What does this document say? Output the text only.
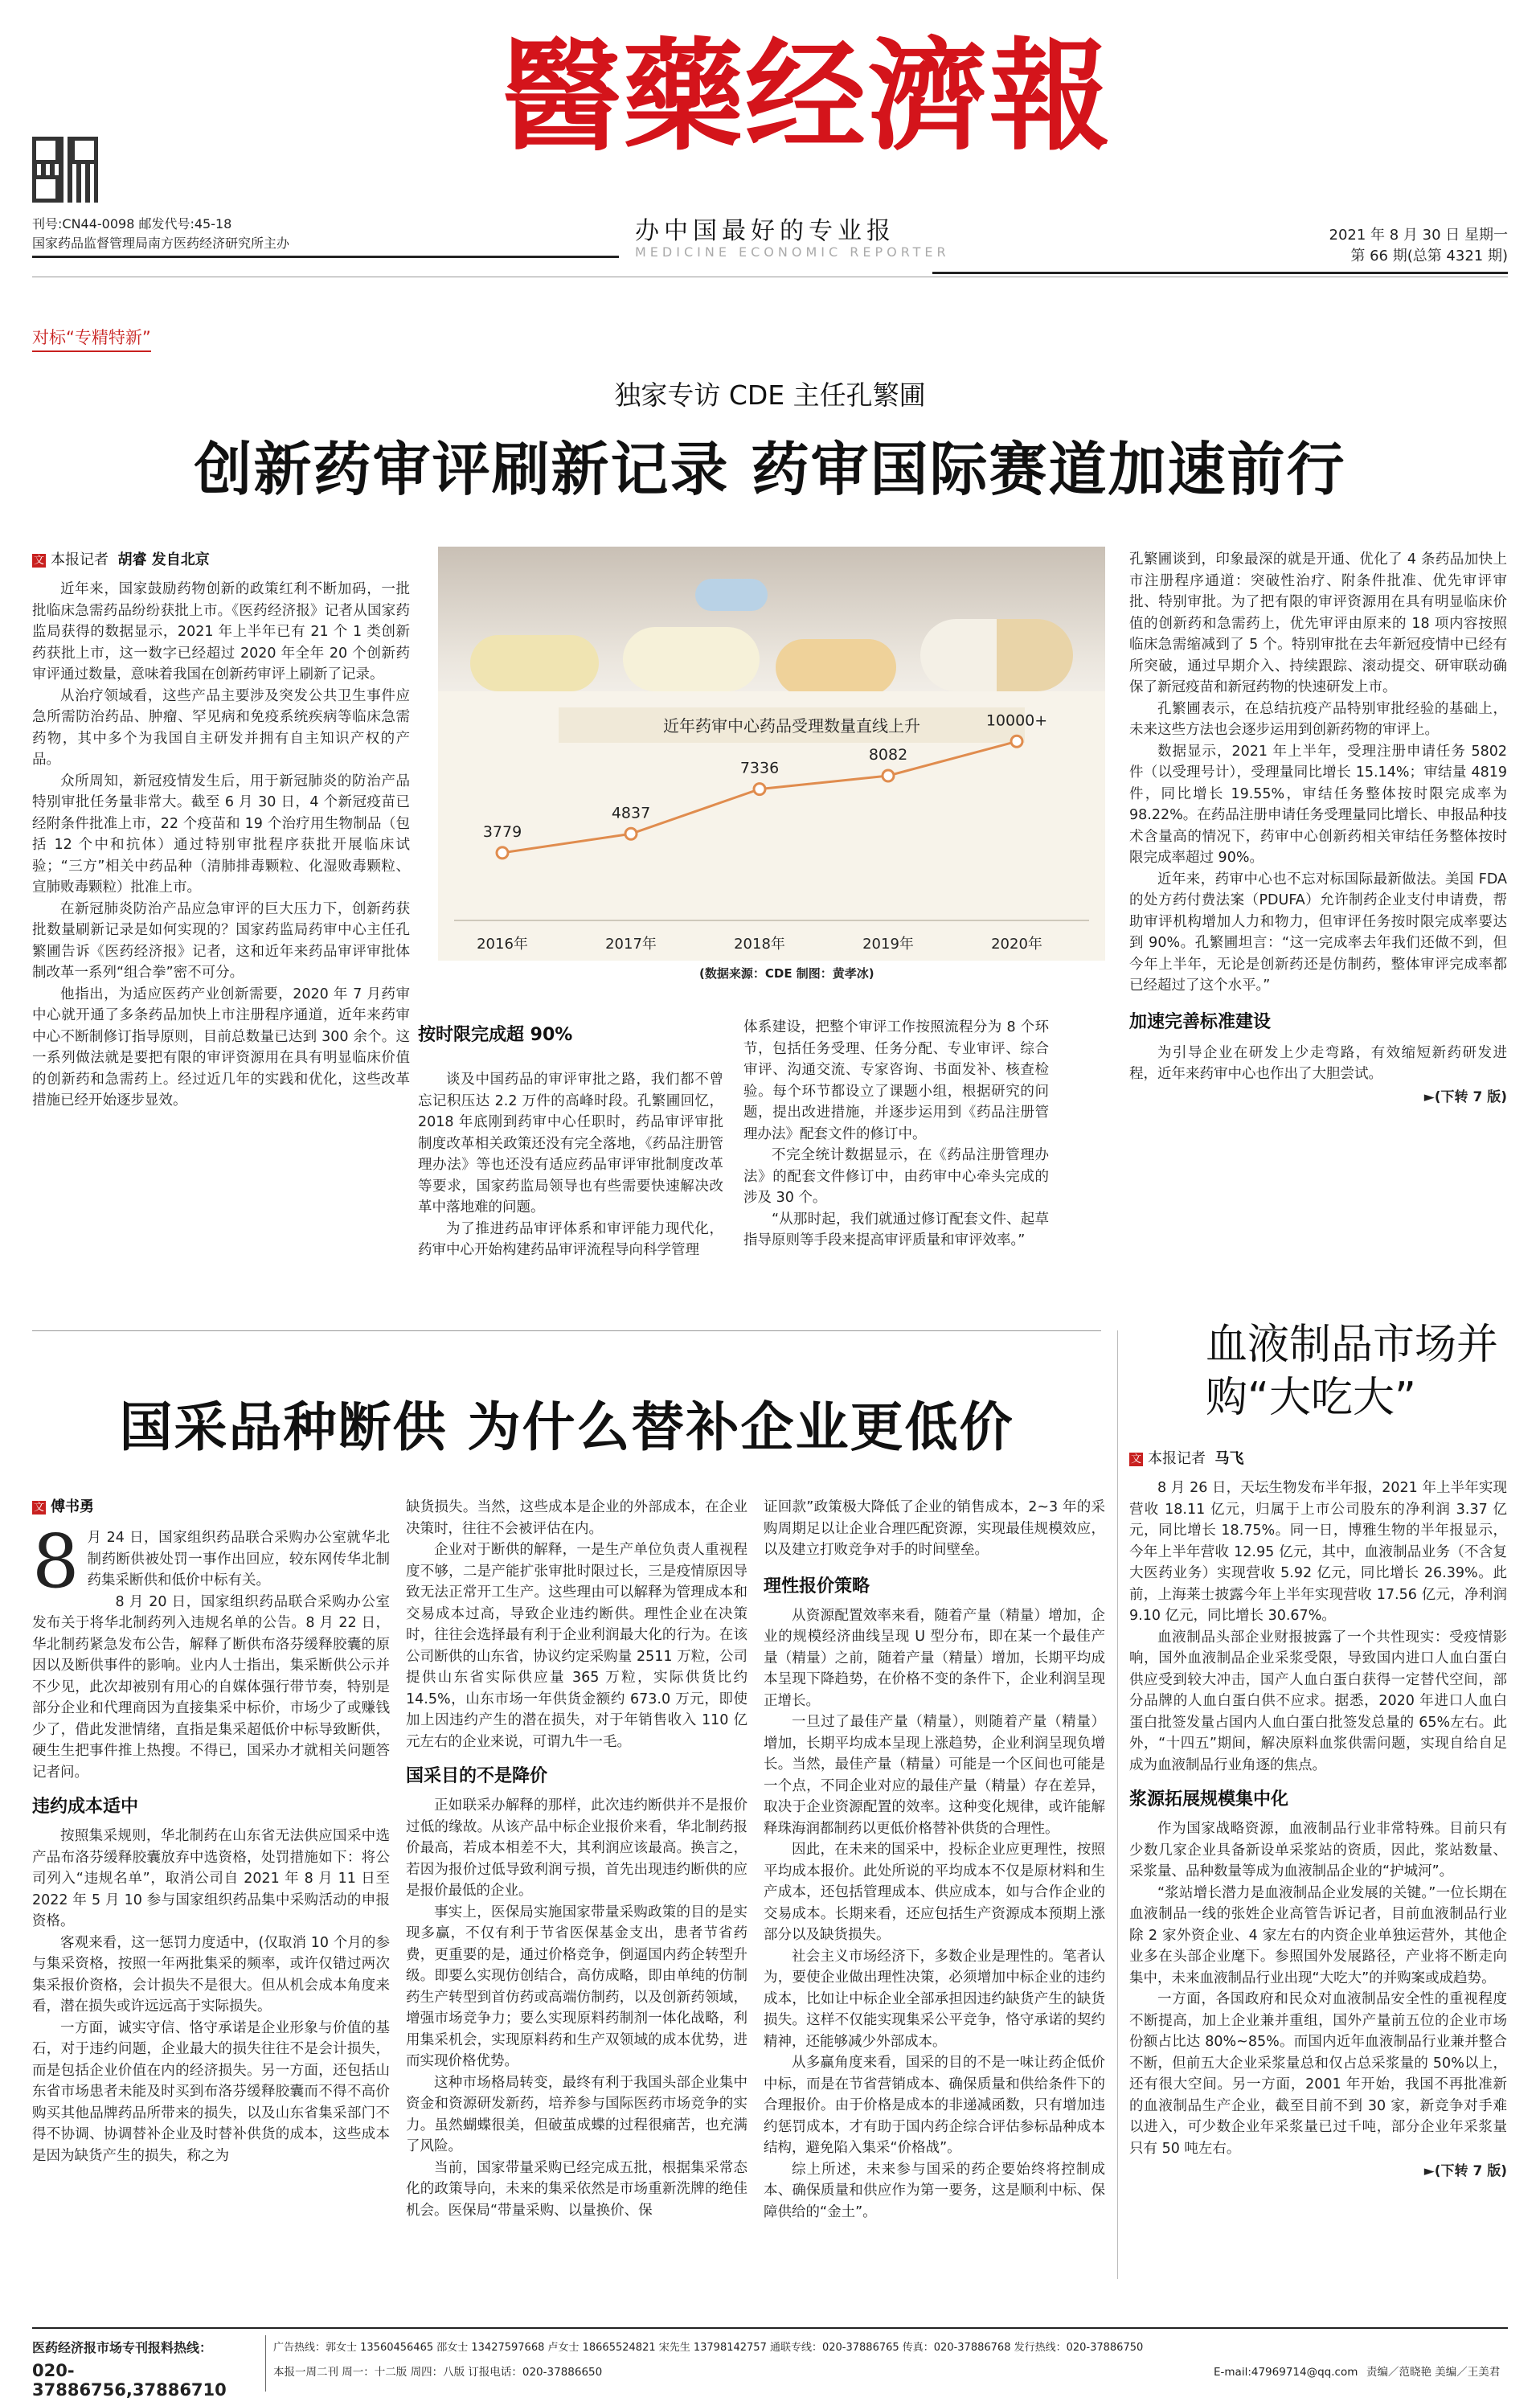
醫藥经濟報
刊号:CN44-0098 邮发代号:45-18
国家药品监督管理局南方医药经济研究所主办	办中国最好的专业报
MEDICINE ECONOMIC REPORTER
2021 年 8 月 30 日 星期一
第 66 期(总第 4321 期)
对标“专精特新”
独家专访 CDE 主任孔繁圃
创新药审评刷新记录 药审国际赛道加速前行
文 本报记者 胡睿 发自北京

近年来，国家鼓励药物创新的政策红利不断加码，一批批临床急需药品纷纷获批上市。《医药经济报》记者从国家药监局获得的数据显示，2021 年上半年已有 21 个 1 类创新药获批上市，这一数字已经超过 2020 年全年 20 个创新药审评通过数量，意味着我国在创新药审评上刷新了记录。

从治疗领域看，这些产品主要涉及突发公共卫生事件应急所需防治药品、肿瘤、罕见病和免疫系统疾病等临床急需药物，其中多个为我国自主研发并拥有自主知识产权的产品。

众所周知，新冠疫情发生后，用于新冠肺炎的防治产品特别审批任务量非常大。截至 6 月 30 日，4 个新冠疫苗已经附条件批准上市，22 个疫苗和 19 个治疗用生物制品（包括 12 个中和抗体）通过特别审批程序获批开展临床试验；“三方”相关中药品种（清肺排毒颗粒、化湿败毒颗粒、宣肺败毒颗粒）批准上市。

在新冠肺炎防治产品应急审评的巨大压力下，创新药获批数量刷新记录是如何实现的？国家药监局药审中心主任孔繁圃告诉《医药经济报》记者，这和近年来药品审评审批体制改革一系列“组合拳”密不可分。

他指出，为适应医药产业创新需要，2020 年 7 月药审中心就开通了多条药品加快上市注册程序通道，近年来药审中心不断制修订指导原则，目前总数量已达到 300 余个。这一系列做法就是要把有限的审评资源用在具有明显临床价值的创新药和急需药上。经过近几年的实践和优化，这些改革措施已经开始逐步显效。

近年药审中心药品受理数量直线上升
3779
4837
7336
8082
10000+
2016年	2017年	2018年	2019年	2020年
(数据来源：CDE 制图：黄孝冰)
按时限完成超 90%

谈及中国药品的审评审批之路，我们都不曾忘记积压达 2.2 万件的高峰时段。孔繁圃回忆，2018 年底刚到药审中心任职时，药品审评审批制度改革相关政策还没有完全落地，《药品注册管理办法》等也还没有适应药品审评审批制度改革等要求，国家药监局领导也有些需要快速解决改革中落地难的问题。

为了推进药品审评体系和审评能力现代化，药审中心开始构建药品审评流程导向科学管理

体系建设，把整个审评工作按照流程分为 8 个环节，包括任务受理、任务分配、专业审评、综合审评、沟通交流、专家咨询、书面发补、核查检验。每个环节都设立了课题小组，根据研究的问题，提出改进措施，并逐步运用到《药品注册管理办法》配套文件的修订中。

不完全统计数据显示，在《药品注册管理办法》的配套文件修订中，由药审中心牵头完成的涉及 30 个。

“从那时起，我们就通过修订配套文件、起草指导原则等手段来提高审评质量和审评效率。”

孔繁圃谈到，印象最深的就是开通、优化了 4 条药品加快上市注册程序通道：突破性治疗、附条件批准、优先审评审批、特别审批。为了把有限的审评资源用在具有明显临床价值的创新药和急需药上，优先审评由原来的 18 项内容按照临床急需缩减到了 5 个。特别审批在去年新冠疫情中已经有所突破，通过早期介入、持续跟踪、滚动提交、研审联动确保了新冠疫苗和新冠药物的快速研发上市。

孔繁圃表示，在总结抗疫产品特别审批经验的基础上，未来这些方法也会逐步运用到创新药物的审评上。

数据显示，2021 年上半年，受理注册申请任务 5802 件（以受理号计），受理量同比增长 15.14%；审结量 4819 件，同比增长 19.55%，审结任务整体按时限完成率为 98.22%。在药品注册申请任务受理量同比增长、申报品种技术含量高的情况下，药审中心创新药相关审结任务整体按时限完成率超过 90%。

近年来，药审中心也不忘对标国际最新做法。美国 FDA 的处方药付费法案（PDUFA）允许制药企业支付申请费，帮助审评机构增加人力和物力，但审评任务按时限完成率要达到 90%。孔繁圃坦言：“这一完成率去年我们还做不到，但今年上半年，无论是创新药还是仿制药，整体审评完成率都已经超过了这个水平。”

加速完善标准建设

为引导企业在研发上少走弯路，有效缩短新药研发进程，近年来药审中心也作出了大胆尝试。

►(下转 7 版)
国采品种断供 为什么替补企业更低价
文 傅书勇
8 月 24 日，国家组织药品联合采购办公室就华北制药断供被处罚一事作出回应，较东网传华北制药集采断供和低价中标有关。

8 月 20 日，国家组织药品联合采购办公室发布关于将华北制药列入违规名单的公告。8 月 22 日，华北制药紧急发布公告，解释了断供布洛芬缓释胶囊的原因以及断供事件的影响。业内人士指出，集采断供公示并不少见，此次却被别有用心的自媒体强行带节奏，特别是部分企业和代理商因为直接集采中标价，市场少了或赚钱少了，借此发泄情绪，直指是集采超低价中标导致断供，硬生生把事件推上热搜。不得已，国采办才就相关问题答记者问。

违约成本适中

按照集采规则，华北制药在山东省无法供应国采中选产品布洛芬缓释胶囊放弃中选资格，处罚措施如下：将公司列入“违规名单”，取消公司自 2021 年 8 月 11 日至 2022 年 5 月 10 参与国家组织药品集中采购活动的申报资格。

客观来看，这一惩罚力度适中，(仅取消 10 个月的参与集采资格，按照一年两批集采的频率，或许仅错过两次集采报价资格，会计损失不是很大。但从机会成本角度来看，潜在损失或许远远高于实际损失。

一方面，诚实守信、恪守承诺是企业形象与价值的基石，对于违约问题，企业最大的损失往往不是会计损失，而是包括企业价值在内的经济损失。另一方面，还包括山东省市场患者未能及时买到布洛芬缓释胶囊而不得不高价购买其他品牌药品所带来的损失，以及山东省集采部门不得不协调、协调替补企业及时替补供货的成本，这些成本是因为缺货产生的损失，称之为

缺货损失。当然，这些成本是企业的外部成本，在企业决策时，往往不会被评估在内。

企业对于断供的解释，一是生产单位负责人重视程度不够，二是产能扩张审批时限过长，三是疫情原因导致无法正常开工生产。这些理由可以解释为管理成本和交易成本过高，导致企业违约断供。理性企业在决策时，往往会选择最有利于企业利润最大化的行为。在该公司断供的山东省，协议约定采购量 2511 万粒，公司提供山东省实际供应量 365 万粒，实际供货比约 14.5%，山东市场一年供货金额约 673.0 万元，即使加上因违约产生的潜在损失，对于年销售收入 110 亿元左右的企业来说，可谓九牛一毛。

国采目的不是降价

正如联采办解释的那样，此次违约断供并不是报价过低的缘故。从该产品中标企业报价来看，华北制药报价最高，若成本相差不大，其利润应该最高。换言之，若因为报价过低导致利润亏损，首先出现违约断供的应是报价最低的企业。

事实上，医保局实施国家带量采购政策的目的是实现多赢，不仅有利于节省医保基金支出，患者节省药费，更重要的是，通过价格竞争，倒逼国内药企转型升级。即要么实现仿创结合，高仿成略，即由单纯的仿制药生产转型到首仿药或高端仿制药，以及创新药领域，增强市场竞争力；要么实现原料药制剂一体化战略，利用集采机会，实现原料药和生产双领域的成本优势，进而实现价格优势。

这种市场格局转变，最终有利于我国头部企业集中资金和资源研发新药，培养参与国际医药市场竞争的实力。虽然蝴蝶很美，但破茧成蝶的过程很痛苦，也充满了风险。

当前，国家带量采购已经完成五批，根据集采常态化的政策导向，未来的集采依然是市场重新洗牌的绝佳机会。医保局“带量采购、以量换价、保

证回款”政策极大降低了企业的销售成本，2~3 年的采购周期足以让企业合理匹配资源，实现最佳规模效应，以及建立打败竞争对手的时间壁垒。

理性报价策略

从资源配置效率来看，随着产量（精量）增加，企业的规模经济曲线呈现 U 型分布，即在某一个最佳产量（精量）之前，随着产量（精量）增加，长期平均成本呈现下降趋势，在价格不变的条件下，企业利润呈现正增长。

一旦过了最佳产量（精量），则随着产量（精量）增加，长期平均成本呈现上涨趋势，企业利润呈现负增长。当然，最佳产量（精量）可能是一个区间也可能是一个点，不同企业对应的最佳产量（精量）存在差异，取决于企业资源配置的效率。这种变化规律，或许能解释珠海润都制药以更低价格替补供货的合理性。

因此，在未来的国采中，投标企业应更理性，按照平均成本报价。此处所说的平均成本不仅是原材料和生产成本，还包括管理成本、供应成本，如与合作企业的交易成本。长期来看，还应包括生产资源成本预期上涨部分以及缺货损失。

社会主义市场经济下，多数企业是理性的。笔者认为，要使企业做出理性决策，必须增加中标企业的违约成本，比如让中标企业全部承担因违约缺货产生的缺货损失。这样不仅能实现集采公平竞争，恪守承诺的契约精神，还能够减少外部成本。

从多赢角度来看，国采的目的不是一味让药企低价中标，而是在节省营销成本、确保质量和供给条件下的合理报价。由于价格是成本的非递减函数，只有增加违约惩罚成本，才有助于国内药企综合评估参标品种成本结构，避免陷入集采“价格战”。

综上所述，未来参与国采的药企要始终将控制成本、确保质量和供应作为第一要务，这是顺利中标、保障供给的“金土”。

血液制品市场并购“大吃大”
文 本报记者 马飞

8 月 26 日，天坛生物发布半年报，2021 年上半年实现营收 18.11 亿元，归属于上市公司股东的净利润 3.37 亿元，同比增长 18.75%。同一日，博雅生物的半年报显示，今年上半年营收 12.95 亿元，其中，血液制品业务（不含复大医药业务）实现营收 5.92 亿元，同比增长 26.39%。此前，上海莱士披露今年上半年实现营收 17.56 亿元，净利润 9.10 亿元，同比增长 30.67%。

血液制品头部企业财报披露了一个共性现实：受疫情影响，国外血液制品企业采浆受限，导致国内进口人血白蛋白供应受到较大冲击，国产人血白蛋白获得一定替代空间，部分品牌的人血白蛋白供不应求。据悉，2020 年进口人血白蛋白批签发量占国内人血白蛋白批签发总量的 65%左右。此外，“十四五”期间，解决原料血浆供需问题，实现自给自足成为血液制品行业角逐的焦点。

浆源拓展规模集中化

作为国家战略资源，血液制品行业非常特殊。目前只有少数几家企业具备新设单采浆站的资质，因此，浆站数量、采浆量、品种数量等成为血液制品企业的“护城河”。

“浆站增长潜力是血液制品企业发展的关键。”一位长期在血液制品一线的张姓企业高管告诉记者，目前血液制品行业除 2 家外资企业、4 家左右的内资企业单独运营外，其他企业多在头部企业麾下。参照国外发展路径，产业将不断走向集中，未来血液制品行业出现“大吃大”的并购案或成趋势。

一方面，各国政府和民众对血液制品安全性的重视程度不断提高，加上企业兼并重组，国外产量前五位的企业市场份额占比达 80%~85%。而国内近年血液制品行业兼并整合不断，但前五大企业采浆量总和仅占总采浆量的 50%以上，还有很大空间。另一方面，2001 年开始，我国不再批准新的血液制品生产企业，截至目前不到 30 家，新竞争对手难以进入，可少数企业年采浆量已过千吨，部分企业年采浆量只有 50 吨左右。

►(下转 7 版)
医药经济报市场专刊报料热线：
020-37886756,37886710
广告热线：郭女士 13560456465 邵女士 13427597668 卢女士 18665524821 宋先生 13798142757 通联专线：020-37886765 传真：020-37886768 发行热线：020-37886750
本报一周二刊 周一：十二版 周四：八版 订报电话：020-37886650	E-mail:47969714@qq.com 责编／范晓艳 美编／王美君
